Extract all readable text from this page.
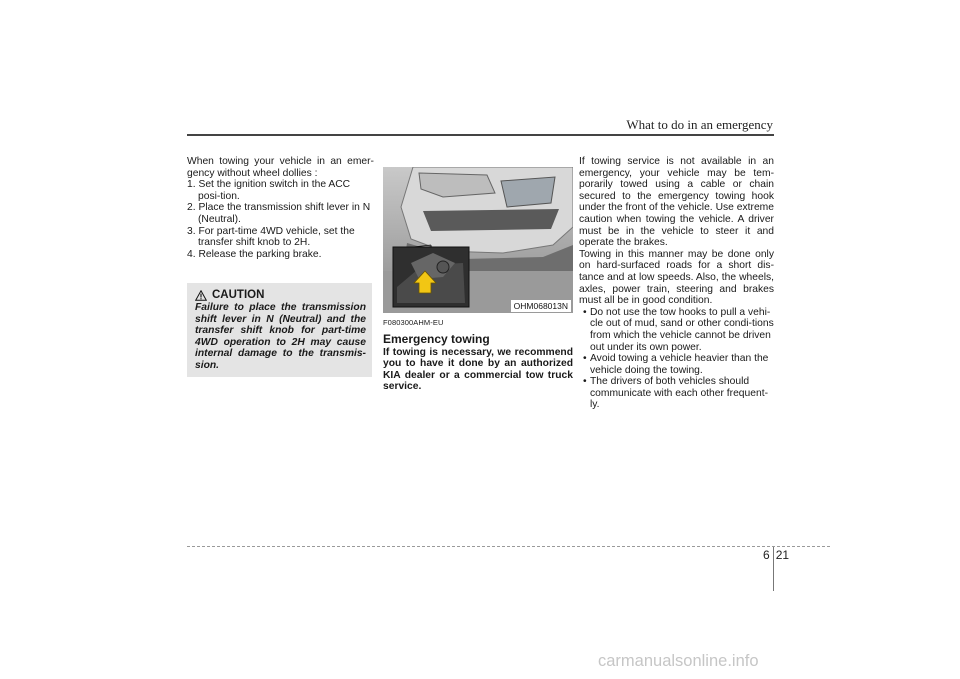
What to do in an emergency

When towing your vehicle in an emer-gency without wheel dollies :

1. Set the ignition switch in the ACC posi-tion.

2. Place the transmission shift lever in N (Neutral).

3. For part-time 4WD vehicle, set the transfer shift knob to 2H.

4. Release the parking brake.

CAUTION

Failure to place the transmission shift lever in N (Neutral) and the transfer shift knob for part-time 4WD operation to 2H may cause internal damage to the transmis-sion.

OHM068013N

F080300AHM-EU

Emergency towing

If towing is necessary, we recommend you to have it done by an authorized KIA dealer or a commercial tow truck service.

If towing service is not available in an emergency, your vehicle may be tem-porarily towed using a cable or chain secured to the emergency towing hook under the front of the vehicle. Use extreme caution when towing the vehicle. A driver must be in the vehicle to steer it and operate the brakes.

Towing in this manner may be done only on hard-surfaced roads for a short dis-tance and at low speeds. Also, the wheels, axles, power train, steering and brakes must all be in good condition.

• Do not use the tow hooks to pull a vehi-cle out of mud, sand or other condi-tions from which the vehicle cannot be driven out under its own power.

• Avoid towing a vehicle heavier than the vehicle doing the towing.

• The drivers of both vehicles should communicate with each other frequent-ly.

6 21
carmanualsonline.info
